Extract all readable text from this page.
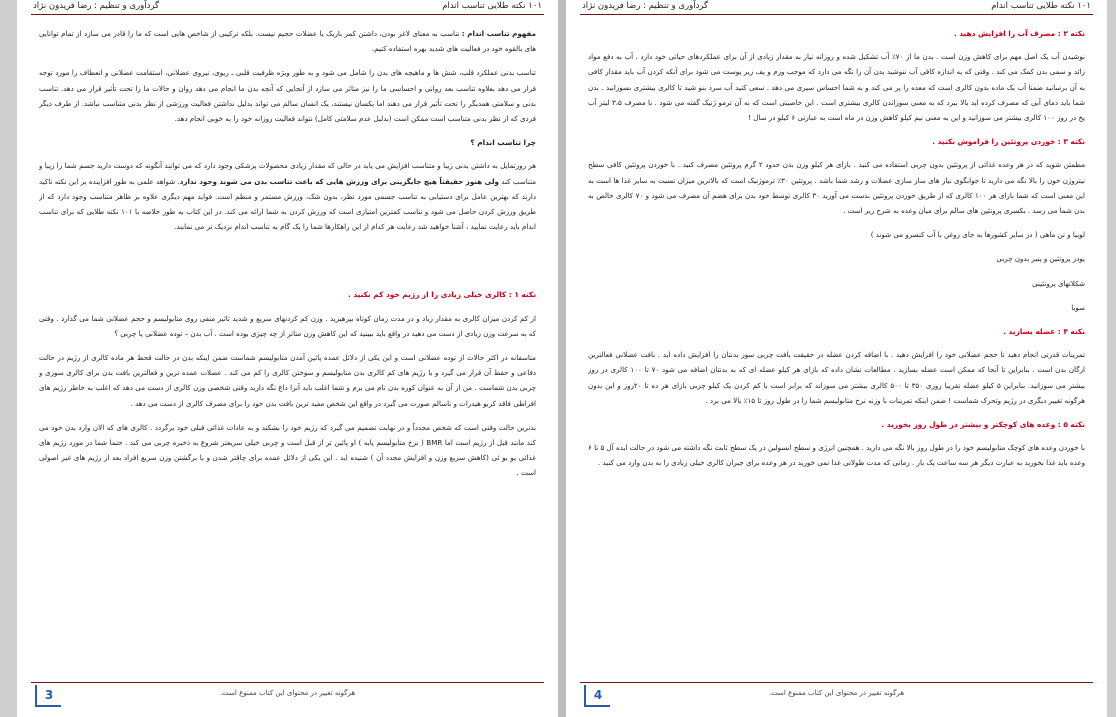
۱۰۱ نکته طلایی تناسب اندام
گردآوری و تنظیم : رضا فریدون نژاد

مفهوم تناسب اندام : تناسب به معنای لاغر بودن، داشتن کمر باریک یا عضلات حجیم نیست. بلکه ترکیبی از شاخص هایی است که ما را قادر می سازد از تمام توانایی های بالقوه خود در فعالیت های شدید بهره استفاده کنیم.

تناسب بدنی عملکرد قلب، شش ها و ماهیچه های بدن را شامل می شود و به طور ویژه ظرفیت قلبی ـ ریوی، نیروی عضلانی، استقامت عضلانی و انعطاف را مورد توجه قرار می دهد بعلاوه تناسب بعد روانی و احساسی ما را نیز متاثر می سازد از آنجایی که آنچه بدن ما انجام می دهد روان و حالات ما را تحت تأثیر قرار می دهد. تناسب بدنی و سلامتی همدیگر را تحت تأثیر قرار می دهند اما یکسان نیستند، یک انسان سالم می تواند بدلیل نداشتن فعالیت ورزشی از نظر بدنی متناسب نباشد. از طرف دیگر فردی که از نظر بدنی متناسب است ممکن است (بدلیل عدم سلامتی کامل) نتواند فعالیت روزانه خود را به خوبی انجام دهد.

چرا تناسب اندام ؟

هر روزتمایل به داشتن بدنی زیبا و متناسب افزایش می یابد در حالی که مقدار زیادی محصولات پزشکی وجود دارد که می توانند آنگونه که دوست دارید جسم شما را زیبا و متناسب کند ولی هنوز حقیقتاً هیچ جایگزینی برای ورزش هایی که باعث تناسب بدن می شوند وجود ندارد. شواهد علمی به طور افزاینده بر این نکته تاکید دارند که بهترین عامل برای دستیابی به تناسب جسمی مورد نظر، بدون شک، ورزش مستمر و منظم است. فواید مهم دیگری علاوه بر ظاهر متناسب وجود دارد که از طریق ورزش کردن حاصل می شود و تناسب کمترین امتیازی است که ورزش کردن به شما ارائه می کند. در این کتاب به طور خلاصه با ۱۰۱ نکته طلایی که برای تناسب اندام باید رعایت نمایید ، آشنا خواهید شد رعایت هر کدام از این راهکارها شما را یک گام به تناسب اندام نزدیک تر می نمایند.

نکته ۱ : کالری خیلی زیادی را از رژیم خود کم نکنید .

از کم کردن میزان کالری به مقدار زیاد و در مدت زمان کوتاه بپرهیزید . وزن کم کردنهای سریع و شدید تاثیر منفی روی متابولیسم و حجم عضلانی شما می گذارد . وقتی که به سرعت وزن زیادی از دست می دهید در واقع باید ببینید که این کاهش وزن متاثر از چه چیزی بوده است . آب بدن – توده عضلانی یا چربی ؟

متاسفانه در اکثر حالات از توده عضلانی است و این یکی از دلائل عمده پائین آمدن متابولیسم شماست ضمن اینکه بدن در حالت قحط هر ماده کالری از رژیم در حالت دفاعی و حفظ آن قرار می گیرد و با رژیم های کم کالری بدن متابولیسم و سوختن کالری را کم می کند . عضلات عمده ترین و فعالترین بافت بدن برای کالری سوزی و چربی بدن شماست . من از آن به عنوان کوره بدن نام می برم و شما اغلب باید آنرا داغ نگه دارید وقتی شخصی وزن کالری از دست می دهد که اغلب به خاطر رژیم های افراطی فاقد کربو هیدرات و ناسالم صورت می گیرد در واقع این شخص مفید ترین بافت بدن خود را برای مصرف کالری از دست می دهد .

بدترین حالت وقتی است که شخص مجدداً و در نهایت تصمیم می گیرد که رژیم خود را بشکند و به عادات غذائی قبلی خود برگردد . کالری های که الان وارد بدن خود می کند مانند قبل از رژیم است اما BMR ( نرخ متابولیسم پایه ) او پائین تر از قبل است و چربی خیلی سریعتر شروع به ذخیره چربی می کند . حتما شما در مورد رژیم های غذائی یو یو ئی (کاهش سریع وزن و افزایش مجدد آن ) شنیده اید . این یکی از دلائل عمده برای چاقتر شدن و یا برگشتن وزن سریع افراد بعد از رژیم های غیر اصولی است .

هرگونه تغییر در محتوای این کتاب ممنوع است.
3
۱۰۱ نکته طلایی تناسب اندام
گردآوری و تنظیم : رضا فریدون نژاد
نکته ۲ : مصرف آب را افزایش دهید .

نوشیدن آب یک اصل مهم برای کاهش وزن است . بدن ما از ۷۰٪ آب تشکیل شده و روزانه نیاز به مقدار زیادی از آن برای عملکردهای حیاتی خود دارد . آب به دفع مواد زائد و سمی بدن کمک می کند . وقتی که به اندازه کافی آب ننوشید بدن آن را نگه می دارد که موجب ورم و پف زیر پوست می شود برای آنکه کردن آب باید مقدار کافی به آن برسانید ضمنا آب یک ماده بدون کالری است که معده را پر می کند و به شما احساس سیری می دهد . سعی کنید آب سرد بنو شید تا کالری بیشتری بسوزانید . بدن شما باید دمای آبی که مصرف کرده اید بالا ببرد که به معنی سوزاندن کالری بیشتری است . این خاصیتی است که به آن ترمو ژنیک گفته می شود . با مصرف ۳،۵ لیتر آب یخ در روز ۱۰۰ کالری بیشتر می سوزانید و این به معنی نیم کیلو کاهش وزن در ماه است به عبارتی ۶ کیلو در سال !

نکته ۳ : خوردن پروتئین را فراموش نکنید .

مطمئن شوید که در هر وعده غذائی از پروتئین بدون چربی استفاده می کنید . بازای هر کیلو وزن بدن حدود ۲ گرم پروتئین مصرف کنید . با خوردن پروتئین کافی سطح نیتروژن خون را بالا نگه می دارید تا جوابگوی نیاز های ساز سازی عضلات و رشد شما باشد . پروتئین ۳۰٪ ترموژنیک است که بالاترین میزان نسبت به سایر غذا ها است به این معنی است که شما بازای هر ۱۰۰ کالری که از طریق خوردن پروتئین بدست می آورید ۳۰ کالری توسط خود بدن برای هضم آن مصرف می شود و ۷۰ کالری خالص به بدن شما می رسد . بکسری پروتئین های سالم برای میان وعده به شرح زیر است .

لوبیا و تن ماهی ( در سایر کشورها به جای روغن با آب کنسرو می شوند )

پودر پروتئین و پنیر بدون چربی

شکلاتهای پروتئینی

سویا

نکته ۴ : عضله بسازید .

تمرینات قدرتی انجام دهید تا حجم عضلانی خود را افزایش دهید . با اضافه کردن عضله در حقیقت بافت چربی سوز بدنتان را افزایش داده اید . بافت عضلانی فعالترین ارگان بدن است . بنابراین تا آنجا که ممکن است عضله بسازید . مطالعات نشان داده که بازای هر کیلو عضله ای که به بدنتان اضافه می شود ۷۰ تا ۱۰۰ کالری در روز بیشتر می سوزانید. بنابراین ۵ کیلو عضله تقریبا روزی ۳۵۰ تا ۵۰۰ کالری بیشتر می سوزاند که برابر است با کم کردن یک کیلو چربی بازای هر ده تا ۲۰روز و این بدون هرگونه تغییر دیگری در رژیم وتحرک شماست ! ضمن اینکه تمرینات با وزنه نرخ متابولیسم شما را در طول روز تا ۱۵٪ بالا می برد .

نکته ۵ : وعده های کوچکتر و بیشتر در طول روز بخورید .

با خوردن وعده های کوچک متابولیسم خود را در طول روز بالا نگه می دارید . همچنین انرژی و سطح انسولین در یک سطح ثابت نگه داشته می شود در حالت ایده آل ۵ تا ۶ وعده باید غذا بخورید به عبارت دیگر هر سه ساعت یک بار . زمانی که مدت طولانی غذا نمی خورید در هر وعده برای جبران کالری خیلی زیادی را به بدن وارد می کنید .

هرگونه تغییر در محتوای این کتاب ممنوع است.
4
